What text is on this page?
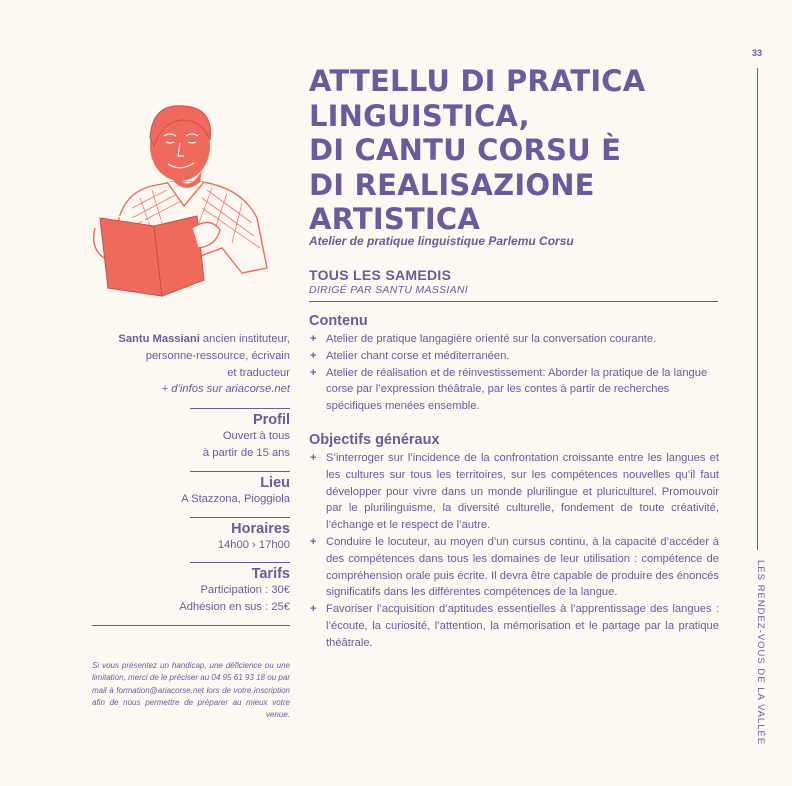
33
LES RENDEZ-VOUS DE LA VALLÉE
ATTELLU DI PRATICA
LINGUISTICA,
DI CANTU CORSU È
DI REALISAZIONE
ARTISTICA
Atelier de pratique linguistique Parlemu Corsu
TOUS LES SAMEDIS
DIRIGÉ PAR SANTU MASSIANI
Contenu
+ Atelier de pratique langagière orienté sur la conversation courante.
+ Atelier chant corse et méditerranéen.
+ Atelier de réalisation et de réinvestissement: Aborder la pratique de la langue corse par l’expression théâtrale, par les contes à partir de recherches spécifiques menées ensemble.
Objectifs généraux
+ S’interroger sur l’incidence de la confrontation croissante entre les langues et les cultures sur tous les territoires, sur les compétences nouvelles qu’il faut développer pour vivre dans un monde plurilingue et pluriculturel. Promouvoir par le plurilinguisme, la diversité culturelle, fondement de toute créativité, l’échange et le respect de l’autre.
+ Conduire le locuteur, au moyen d’un cursus continu, à la capacité d’accéder à des compétences dans tous les domaines de leur utilisation : compétence de compréhension orale puis écrite. Il devra être capable de produire des énoncés significatifs dans les différentes compétences de la langue.
+ Favoriser l’acquisition d’aptitudes essentielles à l’apprentissage des langues : l’écoute, la curiosité, l’attention, la mémorisation et le partage par la pratique théâtrale.
Santu Massiani ancien instituteur,
personne-ressource, écrivain
et traducteur
+ d’infos sur ariacorse.net
Profil
Ouvert à tous
à partir de 15 ans
Lieu
A Stazzona, Pioggiola
Horaires
14h00 › 17h00
Tarifs
Participation : 30€
Adhésion en sus : 25€
Si vous présentez un handicap, une déficience ou une limitation, merci de le préciser au 04 95 61 93 18 ou par mail à formation@ariacorse.net lors de votre inscription afin de nous permettre de préparer au mieux votre venue.
